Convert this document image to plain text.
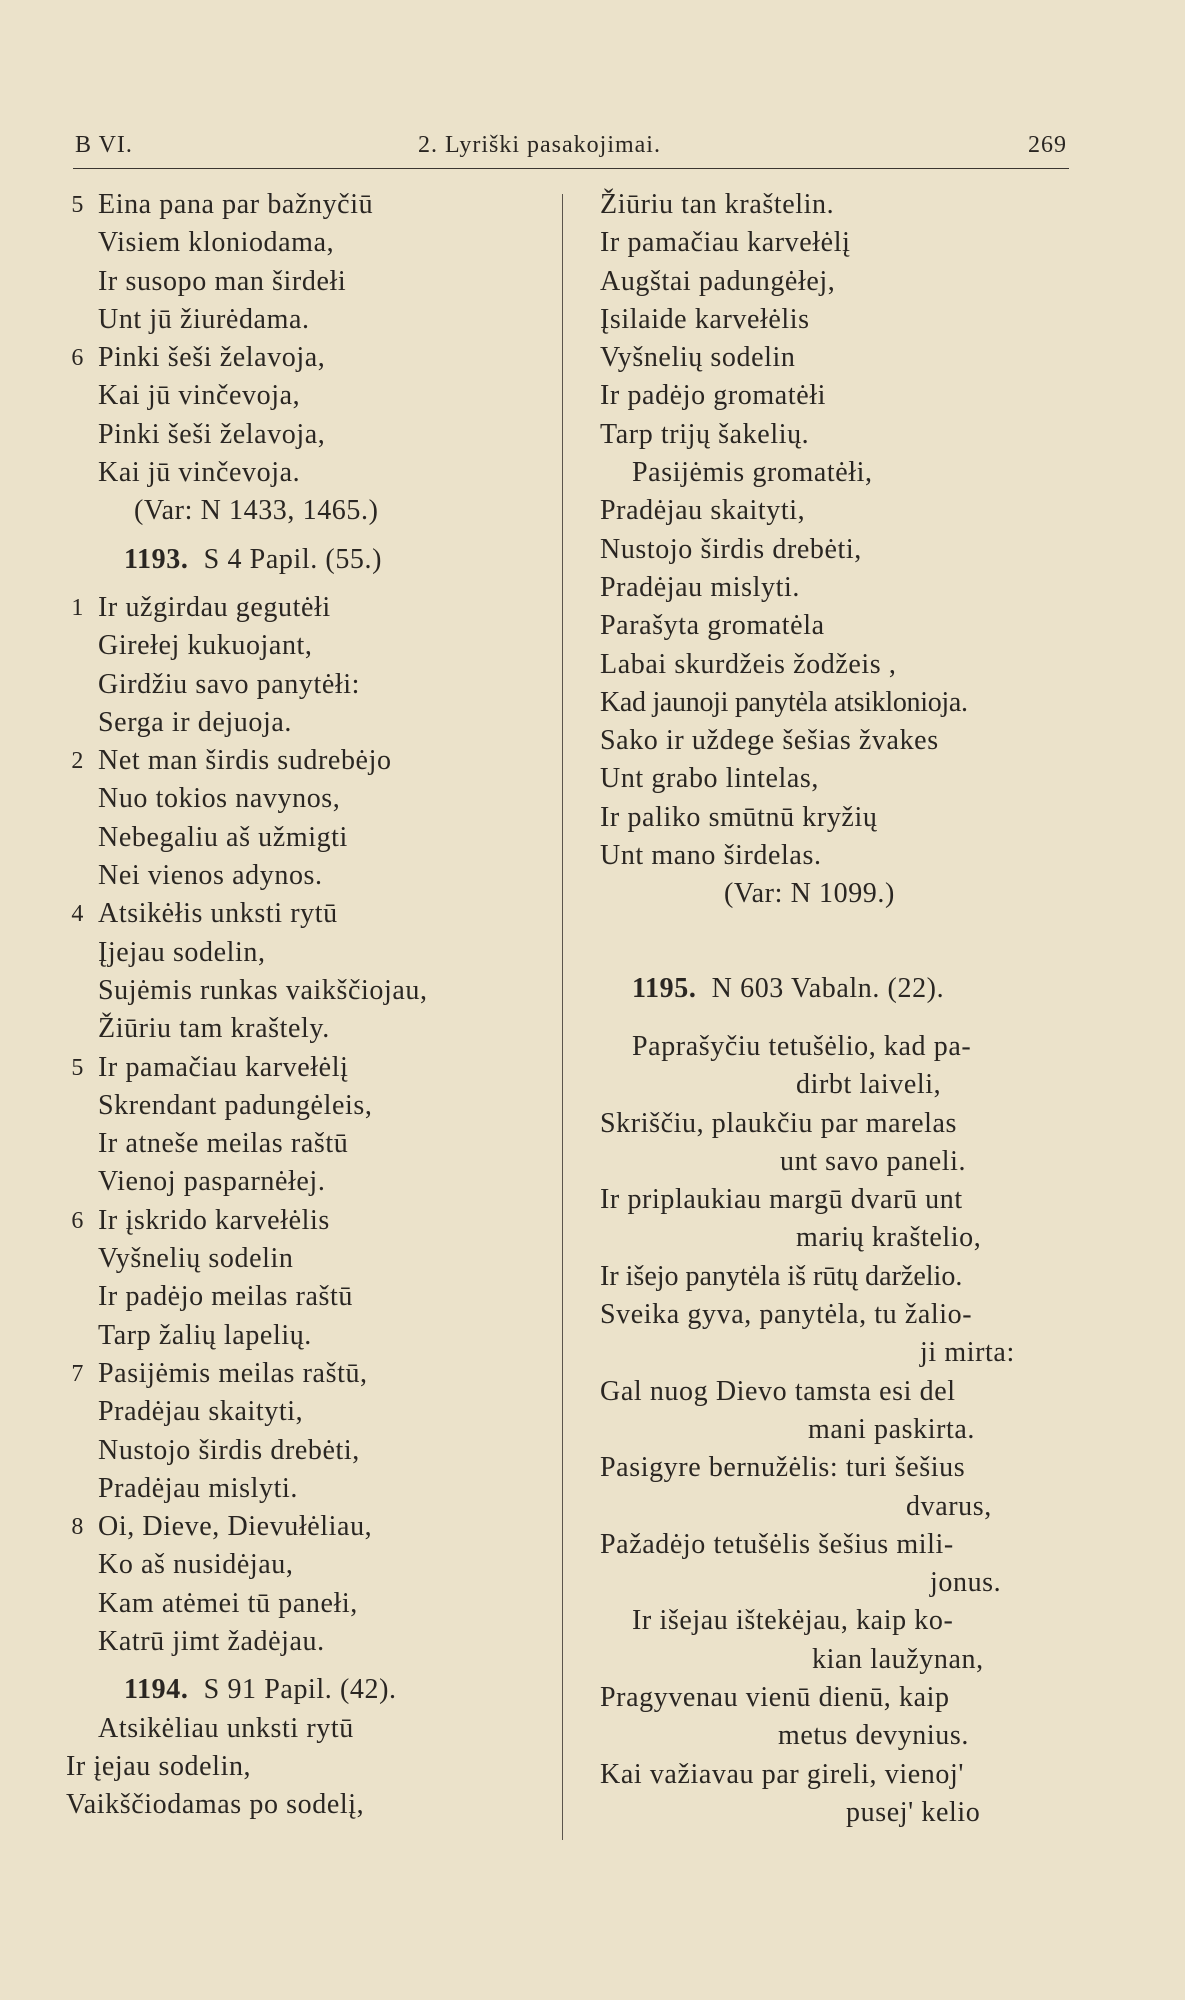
B VI.	2. Lyriški pasakojimai.	269
5 Eina pana par bažnyčiū
Visiem kloniodama,
Ir susopo man širdełi
Unt jū žiurėdama.
6 Pinki šeši želavoja,
Kai jū vinčevoja,
Pinki šeši želavoja,
Kai jū vinčevoja.
(Var: N 1433, 1465.)
1193. S 4 Papil. (55.)
1 Ir užgirdau gegutėłi
Girełej kukuojant,
Girdžiu savo panytėłi:
Serga ir dejuoja.
2 Net man širdis sudrebėjo
Nuo tokios navynos,
Nebegaliu aš užmigti
Nei vienos adynos.
4 Atsikėłis unksti rytū
Įjejau sodelin,
Sujėmis runkas vaikščiojau,
Žiūriu tam kraštely.
5 Ir pamačiau karvełėlį
Skrendant padungėleis,
Ir atneše meilas raštū
Vienoj pasparnėłej.
6 Ir įskrido karvełėlis
Vyšnelių sodelin
Ir padėjo meilas raštū
Tarp žalių lapelių.
7 Pasijėmis meilas raštū,
Pradėjau skaityti,
Nustojo širdis drebėti,
Pradėjau mislyti.
8 Oi, Dieve, Dievułėliau,
Ko aš nusidėjau,
Kam atėmei tū panełi,
Katrū jimt žadėjau.
1194. S 91 Papil. (42).
Atsikėliau unksti rytū
Ir įejau sodelin,
Vaikščiodamas po sodelį,
Žiūriu tan kraštelin.
Ir pamačiau karvełėlį
Augštai padungėłej,
Įsilaide karvełėlis
Vyšnelių sodelin
Ir padėjo gromatėłi
Tarp trijų šakelių.
Pasijėmis gromatėłi,
Pradėjau skaityti,
Nustojo širdis drebėti,
Pradėjau mislyti.
Parašyta gromatėla
Labai skurdžeis žodžeis ,
Kad jaunoji panytėla atsiklonioja.
Sako ir uždege šešias žvakes
Unt grabo lintelas,
Ir paliko smūtnū kryžių
Unt mano širdelas.
(Var: N 1099.)
1195. N 603 Vabaln. (22).
Paprašyčiu tetušėlio, kad pa-
dirbt laiveli,
Skriščiu, plaukčiu par marelas
unt savo paneli.
Ir priplaukiau margū dvarū unt
marių kraštelio,
Ir išejo panytėla iš rūtų darželio.
Sveika gyva, panytėla, tu žalio-
ji mirta:
Gal nuog Dievo tamsta esi del
mani paskirta.
Pasigyre bernužėlis: turi šešius
dvarus,
Pažadėjo tetušėlis šešius mili-
jonus.
Ir išejau ištekėjau, kaip ko-
kian laužynan,
Pragyvenau vienū dienū, kaip
metus devynius.
Kai važiavau par gireli, vienoj'
pusej' kelio
